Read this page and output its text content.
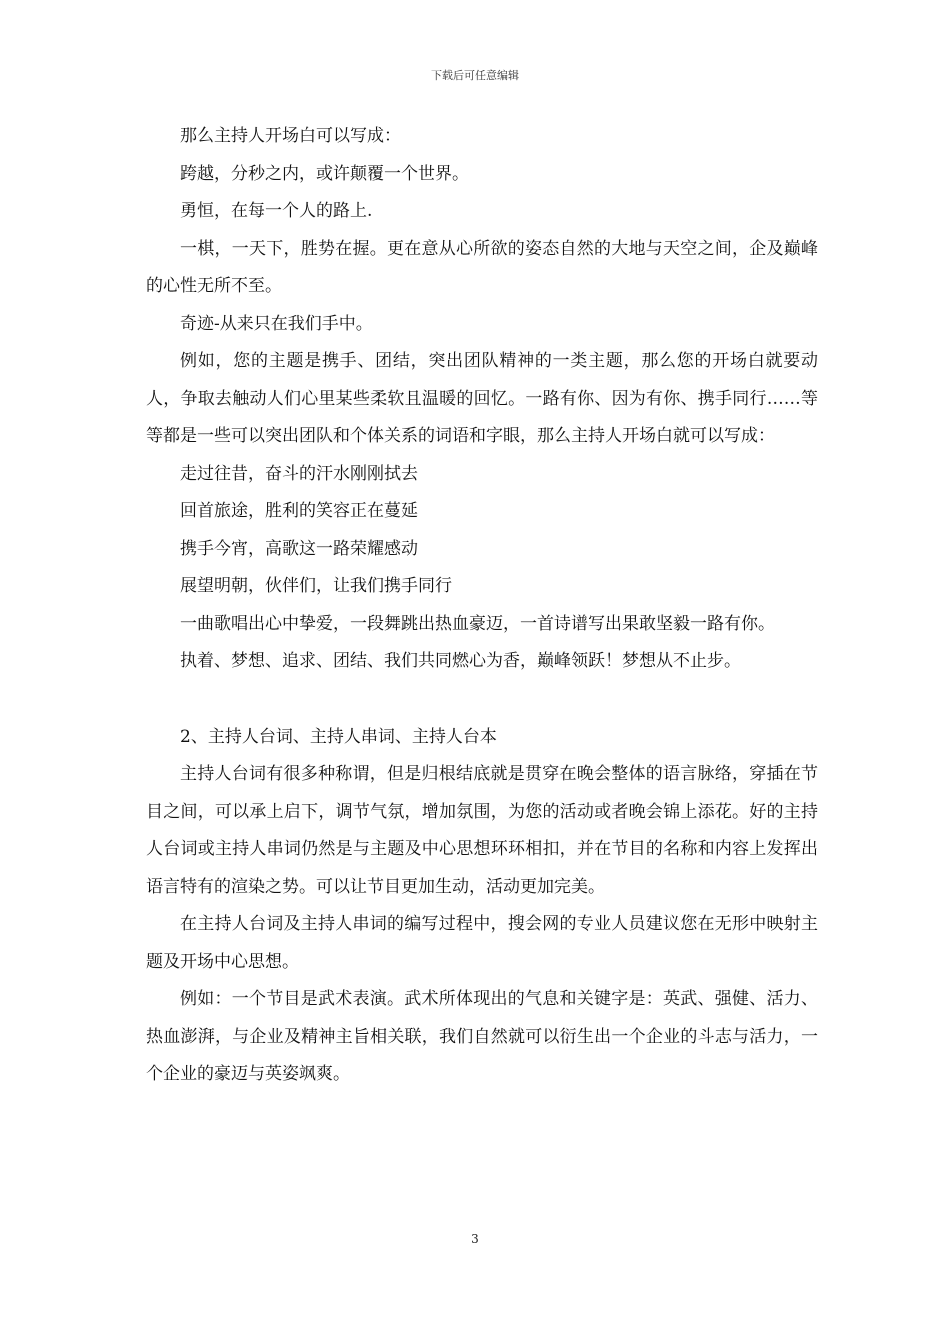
下载后可任意编辑

那么主持人开场白可以写成：

跨越，分秒之内，或许颠覆一个世界。

勇恒，在每一个人的路上.

一棋，一天下，胜势在握。更在意从心所欲的姿态自然的大地与天空之间，企及巅峰的心性无所不至。

奇迹-从来只在我们手中。

例如，您的主题是携手、团结，突出团队精神的一类主题，那么您的开场白就要动人，争取去触动人们心里某些柔软且温暖的回忆。一路有你、因为有你、携手同行……等等都是一些可以突出团队和个体关系的词语和字眼，那么主持人开场白就可以写成：

走过往昔，奋斗的汗水刚刚拭去

回首旅途，胜利的笑容正在蔓延

携手今宵，高歌这一路荣耀感动

展望明朝，伙伴们，让我们携手同行

一曲歌唱出心中挚爱，一段舞跳出热血豪迈，一首诗谱写出果敢坚毅一路有你。

执着、梦想、追求、团结、我们共同燃心为香，巅峰领跃！梦想从不止步。

2、主持人台词、主持人串词、主持人台本

主持人台词有很多种称谓，但是归根结底就是贯穿在晚会整体的语言脉络，穿插在节目之间，可以承上启下，调节气氛，增加氛围，为您的活动或者晚会锦上添花。好的主持人台词或主持人串词仍然是与主题及中心思想环环相扣，并在节目的名称和内容上发挥出语言特有的渲染之势。可以让节目更加生动，活动更加完美。

在主持人台词及主持人串词的编写过程中，搜会网的专业人员建议您在无形中映射主题及开场中心思想。

例如：一个节目是武术表演。武术所体现出的气息和关键字是：英武、强健、活力、热血澎湃，与企业及精神主旨相关联，我们自然就可以衍生出一个企业的斗志与活力，一个企业的豪迈与英姿飒爽。

3
